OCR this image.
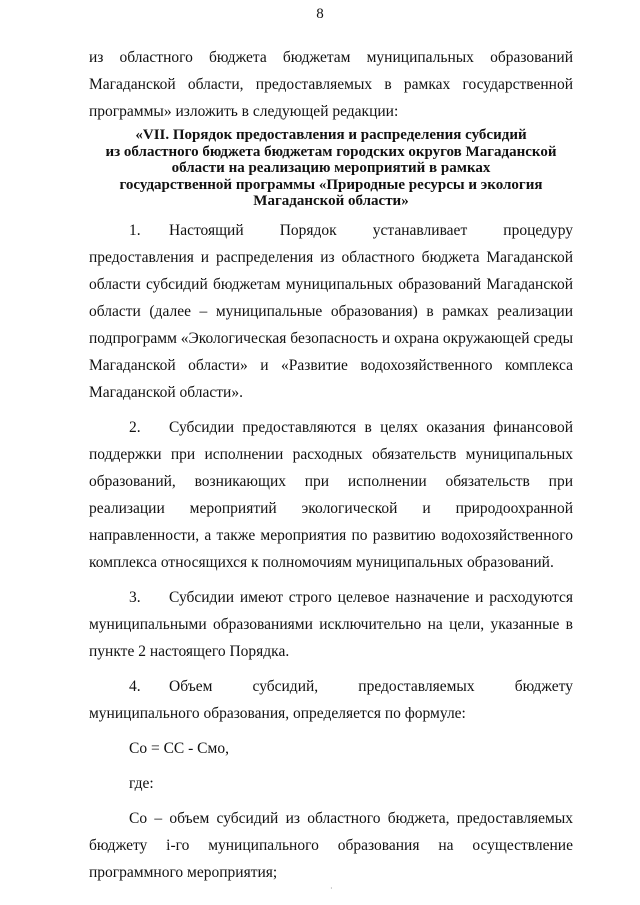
8

из областного бюджета бюджетам муниципальных образований Магаданской области, предоставляемых в рамках государственной программы» изложить в следующей редакции:

«VII. Порядок предоставления и распределения субсидий
из областного бюджета бюджетам городских округов Магаданской
области на реализацию мероприятий в рамках
государственной программы «Природные ресурсы и экология
Магаданской области»

1. Настоящий Порядок устанавливает процедуру предоставления и распределения из областного бюджета Магаданской области субсидий бюджетам муниципальных образований Магаданской области (далее – муниципальные образования) в рамках реализации подпрограмм «Экологическая безопасность и охрана окружающей среды Магаданской области» и «Развитие водохозяйственного комплекса Магаданской области».

2. Субсидии предоставляются в целях оказания финансовой поддержки при исполнении расходных обязательств муниципальных образований, возникающих при исполнении обязательств при реализации мероприятий экологической и природоохранной направленности, а также мероприятия по развитию водохозяйственного комплекса относящихся к полномочиям муниципальных образований.

3. Субсидии имеют строго целевое назначение и расходуются муниципальными образованиями исключительно на цели, указанные в пункте 2 настоящего Порядка.

4. Объем субсидий, предоставляемых бюджету муниципального образования, определяется по формуле:

Со = СС - Смо,

где:

Со – объем субсидий из областного бюджета, предоставляемых бюджету i-го муниципального образования на осуществление программного мероприятия;

·
